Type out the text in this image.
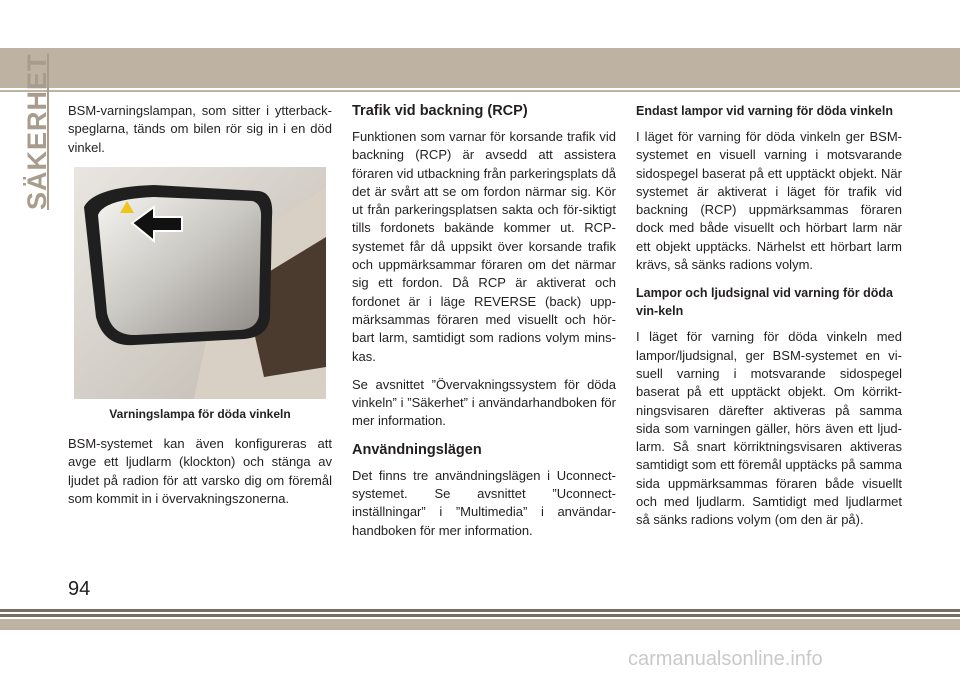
SÄKERHET BSM-varningslampan, som sitter i ytterback-speglarna, tänds om bilen rör sig in i en död vinkel.

Varningslampa för döda vinkeln

BSM-systemet kan även konfigureras att avge ett ljudlarm (klockton) och stänga av ljudet på radion för att varsko dig om föremål som kommit in i övervakningszonerna.

Trafik vid backning (RCP)

Funktionen som varnar för korsande trafik vid backning (RCP) är avsedd att assistera föraren vid utbackning från parkeringsplats då det är svårt att se om fordon närmar sig. Kör ut från parkeringsplatsen sakta och för-siktigt tills fordonets bakände kommer ut. RCP-systemet får då uppsikt över korsande trafik och uppmärksammar föraren om det närmar sig ett fordon. Då RCP är aktiverat och fordonet är i läge REVERSE (back) upp-märksammas föraren med visuellt och hör-bart larm, samtidigt som radions volym mins-kas.

Se avsnittet ”Övervakningssystem för döda vinkeln” i ”Säkerhet” i användarhandboken för mer information.

Användningslägen

Det finns tre användningslägen i Uconnect-systemet. Se avsnittet ”Uconnect-inställningar” i ”Multimedia” i användar-handboken för mer information.

Endast lampor vid varning för döda vinkeln

I läget för varning för döda vinkeln ger BSM-systemet en visuell varning i motsvarande sidospegel baserat på ett upptäckt objekt. När systemet är aktiverat i läget för trafik vid backning (RCP) uppmärksammas föraren dock med både visuellt och hörbart larm när ett objekt upptäcks. Närhelst ett hörbart larm krävs, så sänks radions volym.

Lampor och ljudsignal vid varning för döda vin-keln

I läget för varning för döda vinkeln med lampor/ljudsignal, ger BSM-systemet en vi-suell varning i motsvarande sidospegel baserat på ett upptäckt objekt. Om körrikt-ningsvisaren därefter aktiveras på samma sida som varningen gäller, hörs även ett ljud-larm. Så snart körriktningsvisaren aktiveras samtidigt som ett föremål upptäcks på samma sida uppmärksammas föraren både visuellt och med ljudlarm. Samtidigt med ljudlarmet så sänks radions volym (om den är på).

94
carmanualsonline.info
